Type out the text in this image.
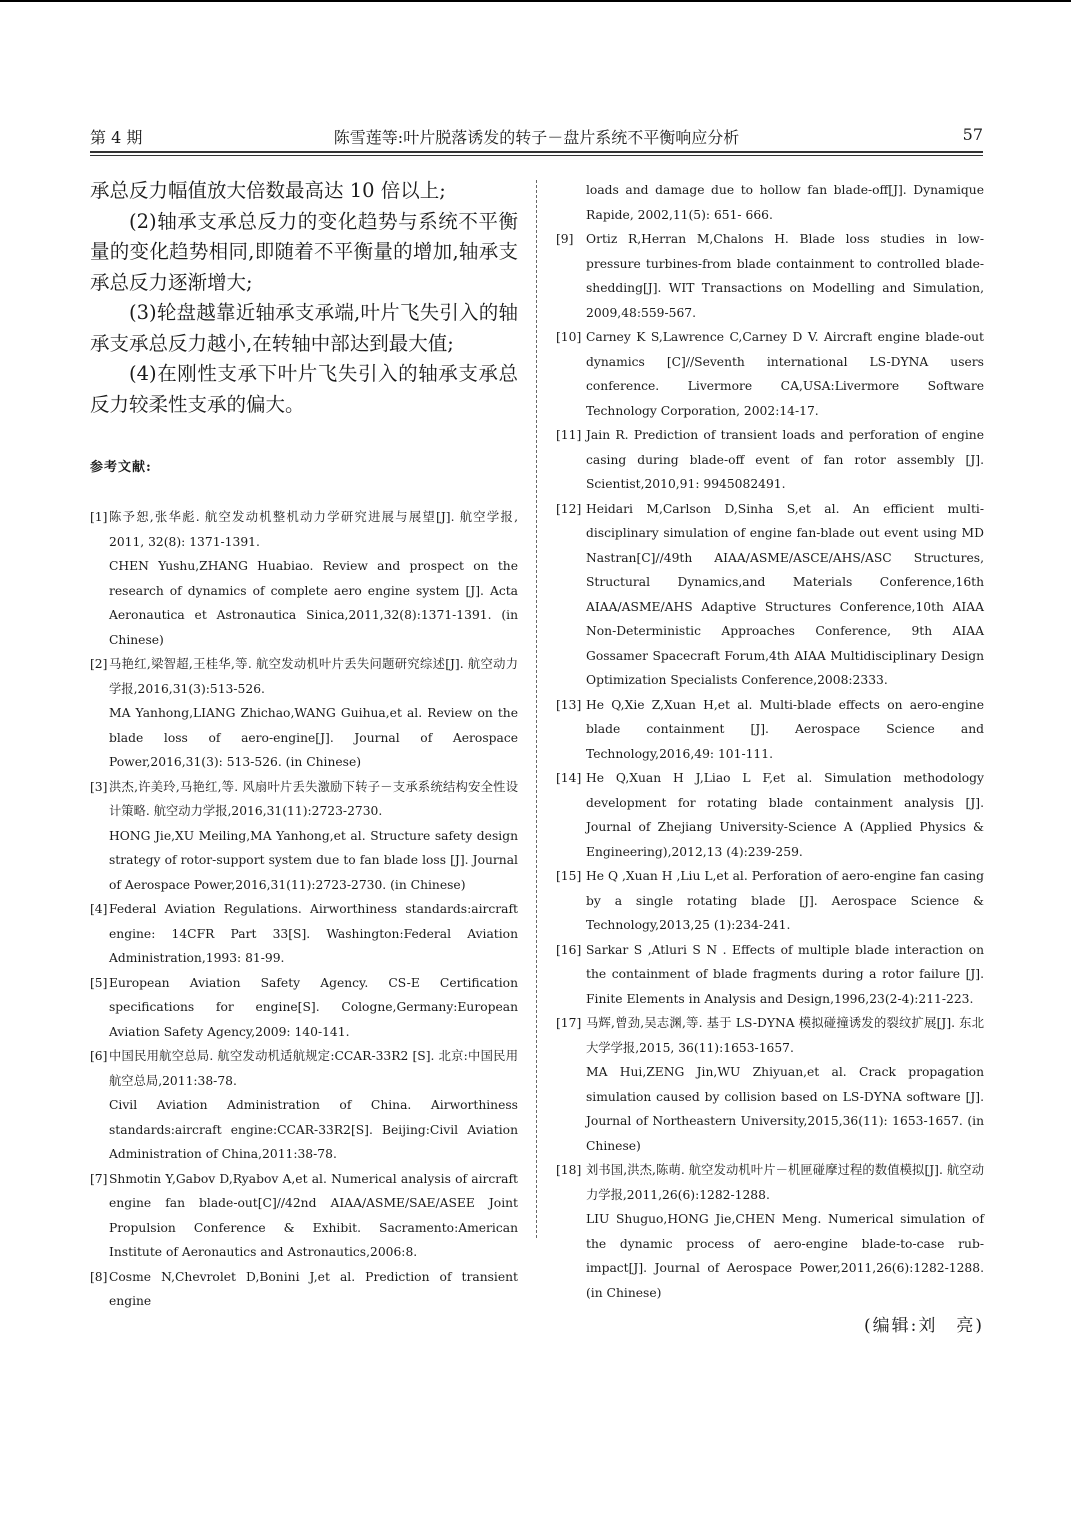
第 4 期	陈雪莲等:叶片脱落诱发的转子－盘片系统不平衡响应分析	57

承总反力幅值放大倍数最高达 10 倍以上;

(2)轴承支承总反力的变化趋势与系统不平衡量的变化趋势相同,即随着不平衡量的增加,轴承支承总反力逐渐增大;

(3)轮盘越靠近轴承支承端,叶片飞失引入的轴承支承总反力越小,在转轴中部达到最大值;

(4)在刚性支承下叶片飞失引入的轴承支承总反力较柔性支承的偏大。

参考文献:
[1] 陈予恕,张华彪. 航空发动机整机动力学研究进展与展望[J]. 航空学报, 2011, 32(8): 1371-1391.
CHEN Yushu,ZHANG Huabiao. Review and prospect on the research of dynamics of complete aero engine system [J]. Acta Aeronautica et Astronautica Sinica,2011,32(8):1371-1391. (in Chinese)
[2] 马艳红,梁智超,王桂华,等. 航空发动机叶片丢失问题研究综述[J]. 航空动力学报,2016,31(3):513-526.
MA Yanhong,LIANG Zhichao,WANG Guihua,et al. Review on the blade loss of aero-engine[J]. Journal of Aerospace Power,2016,31(3): 513-526. (in Chinese)
[3] 洪杰,许美玲,马艳红,等. 风扇叶片丢失激励下转子－支承系统结构安全性设计策略. 航空动力学报,2016,31(11):2723-2730.
HONG Jie,XU Meiling,MA Yanhong,et al. Structure safety design strategy of rotor-support system due to fan blade loss [J]. Journal of Aerospace Power,2016,31(11):2723-2730. (in Chinese)
[4] Federal Aviation Regulations. Airworthiness standards:aircraft engine: 14CFR Part 33[S]. Washington:Federal Aviation Administration,1993: 81-99.
[5] European Aviation Safety Agency. CS-E Certification specifications for engine[S]. Cologne,Germany:European Aviation Safety Agency,2009: 140-141.
[6] 中国民用航空总局. 航空发动机适航规定:CCAR-33R2 [S]. 北京:中国民用航空总局,2011:38-78.
Civil Aviation Administration of China. Airworthiness standards:aircraft engine:CCAR-33R2[S]. Beijing:Civil Aviation Administration of China,2011:38-78.
[7] Shmotin Y,Gabov D,Ryabov A,et al. Numerical analysis of aircraft engine fan blade-out[C]//42nd AIAA/ASME/SAE/ASEE Joint Propulsion Conference & Exhibit. Sacramento:American Institute of Aeronautics and Astronautics,2006:8.
[8] Cosme N,Chevrolet D,Bonini J,et al. Prediction of transient engine
loads and damage due to hollow fan blade-off[J]. Dynamique Rapide, 2002,11(5): 651- 666.
[9]	Ortiz R,Herran M,Chalons H. Blade loss studies in low-pressure turbines-from blade containment to controlled blade-shedding[J]. WIT Transactions on Modelling and Simulation, 2009,48:559-567.
[10] Carney K S,Lawrence C,Carney D V. Aircraft engine blade-out dynamics [C]//Seventh international LS-DYNA users conference. Livermore CA,USA:Livermore Software Technology Corporation, 2002:14-17.
[11] Jain R. Prediction of transient loads and perforation of engine casing during blade-off event of fan rotor assembly [J]. Scientist,2010,91: 9945082491.
[12] Heidari M,Carlson D,Sinha S,et al. An efficient multi-disciplinary simulation of engine fan-blade out event using MD Nastran[C]//49th AIAA/ASME/ASCE/AHS/ASC Structures, Structural Dynamics,and Materials Conference,16th AIAA/ASME/AHS Adaptive Structures Conference,10th AIAA Non-Deterministic Approaches Conference, 9th AIAA Gossamer Spacecraft Forum,4th AIAA Multidisciplinary Design Optimization Specialists Conference,2008:2333.
[13] He Q,Xie Z,Xuan H,et al. Multi-blade effects on aero-engine blade containment [J]. Aerospace Science and Technology,2016,49: 101-111.
[14] He Q,Xuan H J,Liao L F,et al. Simulation methodology development for rotating blade containment analysis [J]. Journal of Zhejiang University-Science A (Applied Physics & Engineering),2012,13 (4):239-259.
[15] He Q ,Xuan H ,Liu L,et al. Perforation of aero-engine fan casing by a single rotating blade [J]. Aerospace Science & Technology,2013,25 (1):234-241.
[16] Sarkar S ,Atluri S N . Effects of multiple blade interaction on the containment of blade fragments during a rotor failure [J]. Finite Elements in Analysis and Design,1996,23(2-4):211-223.
[17] 马辉,曾劲,吴志渊,等. 基于 LS-DYNA 模拟碰撞诱发的裂纹扩展[J]. 东北大学学报,2015, 36(11):1653-1657.
MA Hui,ZENG Jin,WU Zhiyuan,et al. Crack propagation simulation caused by collision based on LS-DYNA software [J]. Journal of Northeastern University,2015,36(11): 1653-1657. (in Chinese)
[18] 刘书国,洪杰,陈萌. 航空发动机叶片－机匣碰摩过程的数值模拟[J]. 航空动力学报,2011,26(6):1282-1288.
LIU Shuguo,HONG Jie,CHEN Meng. Numerical simulation of the dynamic process of aero-engine blade-to-case rub-impact[J]. Journal of Aerospace Power,2011,26(6):1282-1288. (in Chinese)
(编辑:刘　亮)
